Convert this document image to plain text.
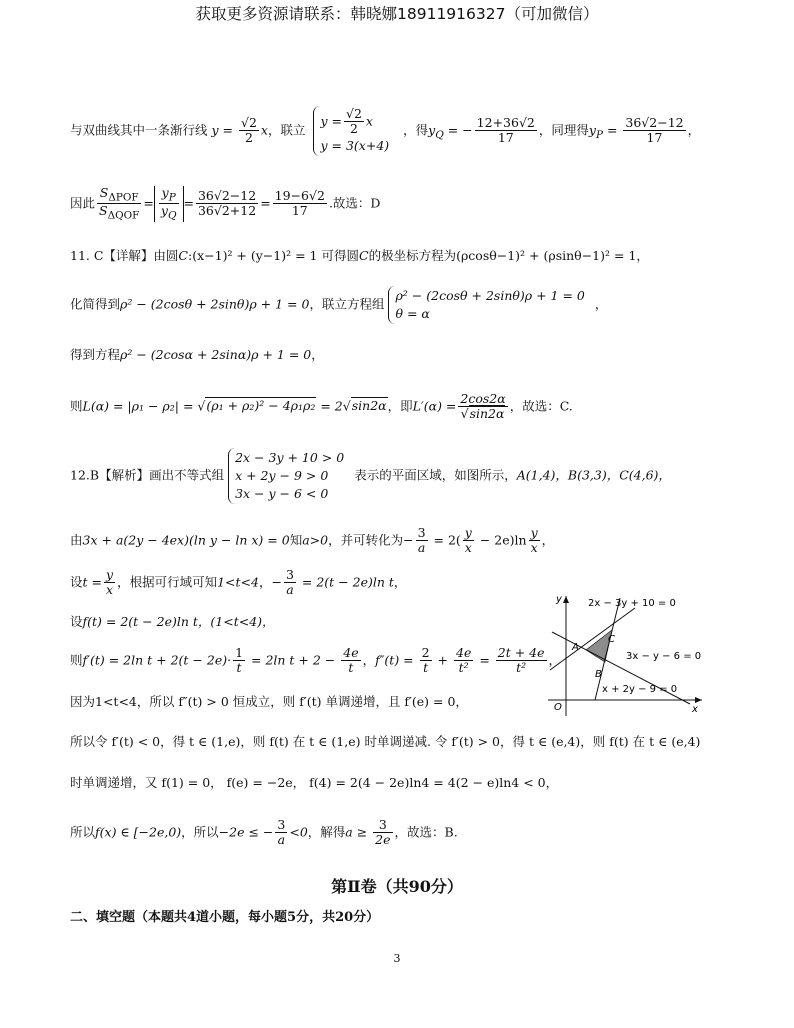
获取更多资源请联系：韩晓娜18911916327（可加微信）
与双曲线其中一条渐行线 $y = \frac{√2}{2}$ x，联立
$y = \frac{√2}{2}$ x
y = 3(x+4)
，得$y_Q$ = − $\frac{12+36√2}{17}$ ，同理得$y_P = \frac{36√2-12}{17}$ ，
因此 $\frac{S_{\Delta POF}}{S_{\Delta QOF}} = \frac{y_P}{y_Q} = \frac{36√2-12}{36√2+12} = \frac{19-6√2}{17}$ .故选：D
11. C【详解】由圆C:(x−1)² + (y−1)² = 1 可得圆C的极坐标方程为(ρcosθ−1)² + (ρsinθ−1)² = 1，
化简得到ρ² − (2cosθ + 2sinθ)ρ + 1 = 0，联立方程组
ρ² − (2cosθ + 2sinθ)ρ + 1 = 0
θ = α
，
得到方程ρ² − (2cosα + 2sinα)ρ + 1 = 0，
则L(α) = |ρ₁ − ρ₂| = √(ρ₁ + ρ₂)² − 4ρ₁ρ₂ = 2√sin2α，即$L'(\alpha) = \frac{2\cos 2\alpha}{√\sin 2\alpha}$ ，故选：C.
12.B【解析】画出不等式组
2x − 3y + 10 > 0
x + 2y − 9 > 0
3x − y − 6 < 0
表示的平面区域，如图所示，A(1,4)，B(3,3)，C(4,6)，
由3x + a(2y − 4ex)(ln y − ln x) = 0知a>0，并可转化为− $\frac{3}{a} = 2( \frac{y}{x} - 2e)\ln \frac{y}{x}$ ，
设$t = \frac{y}{x}$ ，根据可行域可知1<t<4，− $\frac{3}{a} = 2(t - 2e)\ln$ t，
设f(t) = 2(t − 2e)ln t，(1<t<4)，
则f′(t) = 2ln $t + 2(t - 2e)\cdot \frac{1}{t} = 2\ln$ $t + 2 - \frac{4e}{t}$ ，$f''(t) = \frac{2}{t} + \frac{4e}{\text{t²}} = \frac{2t + 4e}{\text{t²}}$ ，
因为1<t<4，所以 f″(t) > 0 恒成立，则 f′(t) 单调递增，且 f′(e) = 0，
所以令 f′(t) < 0，得 t ∈ (1,e)，则 f(t) 在 t ∈ (1,e) 时单调递减. 令 f′(t) > 0，得 t ∈ (e,4)，则 f(t) 在 t ∈ (e,4)
时单调递增，又 f(1) = 0， f(e) = −2e， f(4) = 2(4 − 2e)ln4 = 4(2 − e)ln4 < 0，
所以f(x) ∈ [−2e,0)，所以−2e ≤ − $\frac{3}{a} <0$，解得$a \ge \frac{3}{2e}$ ，故选：B.
第Ⅱ卷（共90分）
二、填空题（本题共4道小题，每小题5分，共20分）
3
y
x
O
A
B
C
2x − 3y + 10 = 0
3x − y − 6 = 0
x + 2y − 9 = 0
